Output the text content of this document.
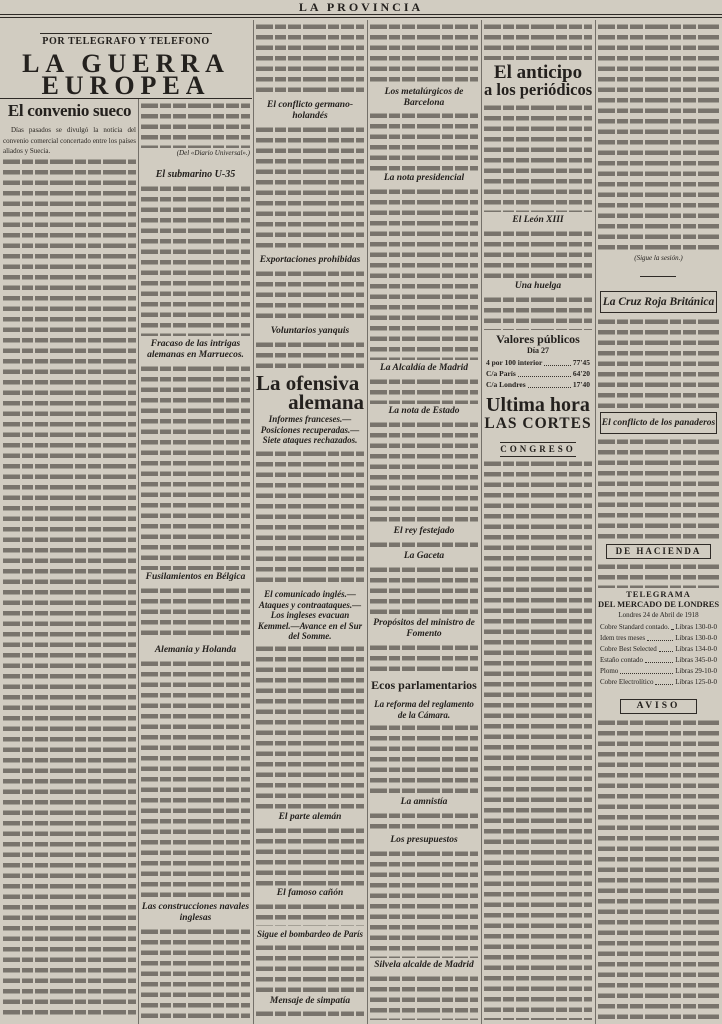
LA PROVINCIA
POR TELEGRAFO Y TELEFONO
LA GUERRA
EUROPEA
El convenio sueco
Días pasados se divulgó la noticia del convenio comercial concertado entre los países aliados y Suecia.	(Del «Diario Universal».)
El submarino U-35
Fracaso de las intrigas alemanas en Marruecos.
Fusilamientos en Bélgica
Alemania y Holanda
Las construcciones navales inglesas
El conflicto germano-holandés
Exportaciones prohibidas
Voluntarios yanquis
La ofensiva
alemana
Informes franceses.—Posiciones recuperadas.—Siete ataques rechazados.
El comunicado inglés.—Ataques y contraataques.—Los ingleses evacuan Kemmel.—Avance en el Sur del Somme.
El parte alemán
El famoso cañón
Sigue el bombardeo de París
Mensaje de simpatía
Los metalúrgicos de Barcelona
La nota presidencial
La Alcaldía de Madrid
La nota de Estado
El rey festejado
La Gaceta
Propósitos del ministro de Fomento
Ecos parlamentarios
La reforma del reglamento de la Cámara.
La amnistía
Los presupuestos
Silvela alcalde de Madrid
El anticipo
a los periódicos
El León XIII
Una huelga
Valores públicos
Día 27
4 por 100 interior	77'45
C/a París	64'20
C/a Londres	17'40
Ultima hora
LAS CORTES
CONGRESO
(Sigue la sesión.)
La Cruz Roja Británica
El conflicto de los panaderos
DE HACIENDA
TELEGRAMA
DEL MERCADO DE LONDRES
Londres 24 de Abril de 1918
Cobre Standard contado. Libras 130-0-0
Idem tres meses	Libras 130-0-0
Cobre Best Selected	Libras 134-0-0
Estaño contado	Libras 345-0-0
Plomo	Libras 29-10-0
Cobre Electrolítico	Libras 125-0-0
AVISO
